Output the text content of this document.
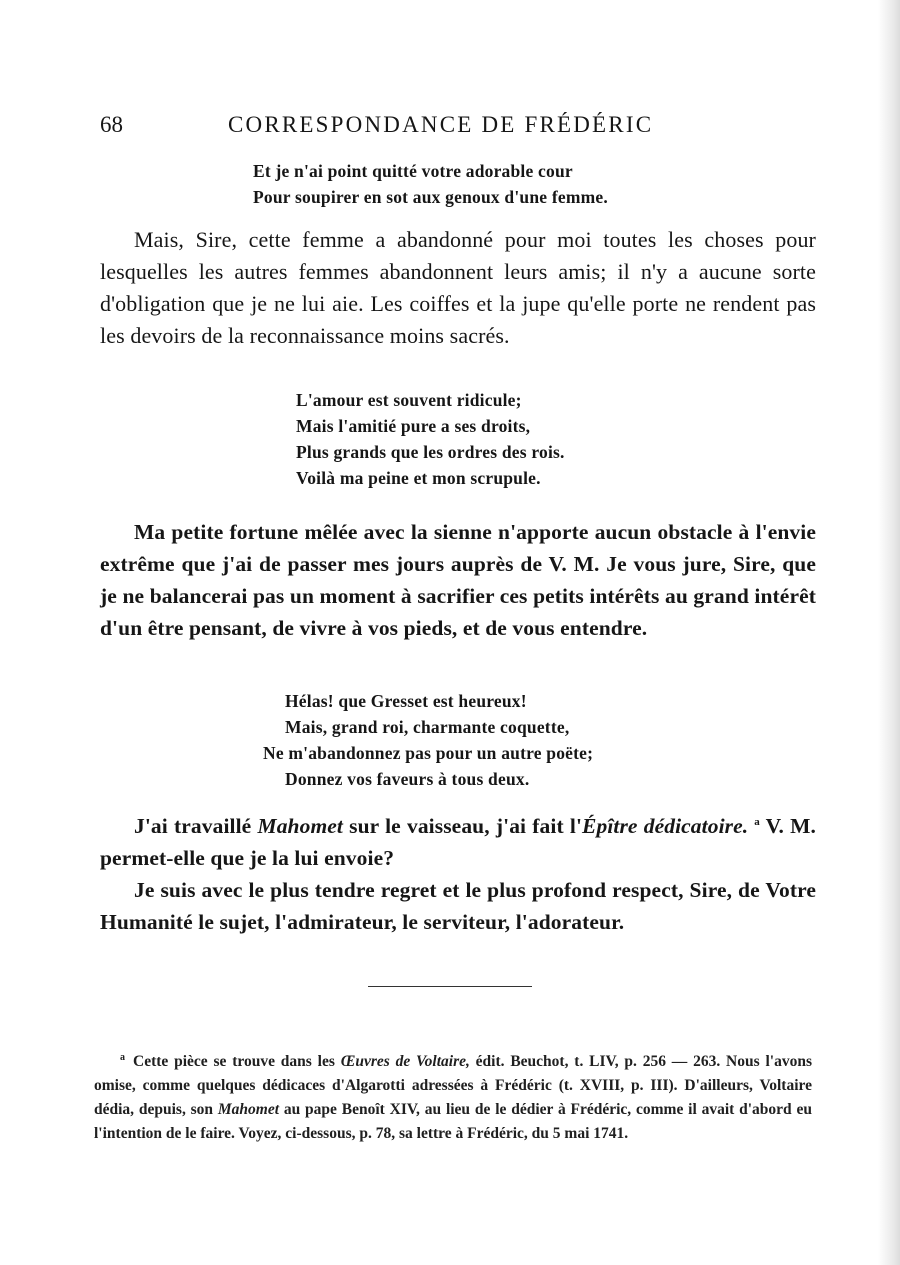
68	CORRESPONDANCE DE FRÉDÉRIC
Et je n'ai point quitté votre adorable cour
Pour soupirer en sot aux genoux d'une femme.

Mais, Sire, cette femme a abandonné pour moi toutes les choses pour lesquelles les autres femmes abandonnent leurs amis; il n'y a aucune sorte d'obligation que je ne lui aie. Les coiffes et la jupe qu'elle porte ne rendent pas les devoirs de la reconnaissance moins sacrés.

L'amour est souvent ridicule;
Mais l'amitié pure a ses droits,
Plus grands que les ordres des rois.
Voilà ma peine et mon scrupule.

Ma petite fortune mêlée avec la sienne n'apporte aucun obstacle à l'envie extrême que j'ai de passer mes jours auprès de V. M. Je vous jure, Sire, que je ne balancerai pas un moment à sacrifier ces petits intérêts au grand intérêt d'un être pensant, de vivre à vos pieds, et de vous entendre.

Hélas! que Gresset est heureux!
Mais, grand roi, charmante coquette,
Ne m'abandonnez pas pour un autre poëte;
Donnez vos faveurs à tous deux.

J'ai travaillé Mahomet sur le vaisseau, j'ai fait l'Épître dédicatoire. $^a$ V. M. permet-elle que je la lui envoie?

Je suis avec le plus tendre regret et le plus profond respect, Sire, de Votre Humanité le sujet, l'admirateur, le serviteur, l'adorateur.

$^a$ Cette pièce se trouve dans les Œuvres de Voltaire, édit. Beuchot, t. LIV, p. 256 — 263. Nous l'avons omise, comme quelques dédicaces d'Algarotti adressées à Frédéric (t. XVIII, p. III). D'ailleurs, Voltaire dédia, depuis, son Mahomet au pape Benoît XIV, au lieu de le dédier à Frédéric, comme il avait d'abord eu l'intention de le faire. Voyez, ci-dessous, p. 78, sa lettre à Frédéric, du 5 mai 1741.
